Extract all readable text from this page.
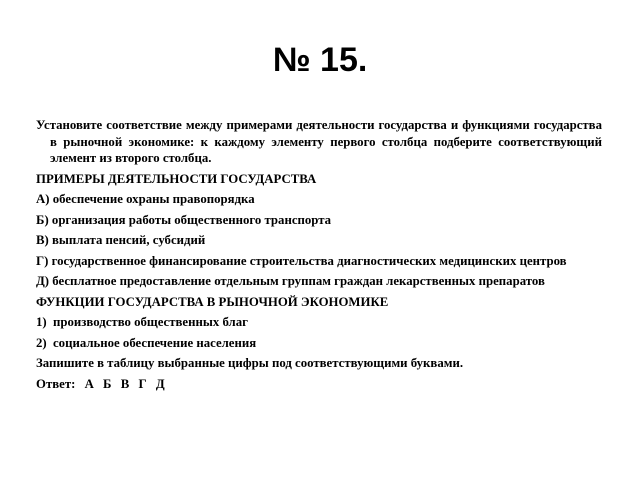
№ 15.

Установите соответствие между примерами деятельности государства и функциями государства в рыночной экономике: к каждому элементу первого столбца подберите соответствующий элемент из второго столбца.

ПРИМЕРЫ ДЕЯТЕЛЬНОСТИ ГОСУДАРСТВА

А) обеспечение охраны правопорядка

Б) организация работы общественного транспорта

В) выплата пенсий, субсидий

Г) государственное финансирование строительства диагностических медицинских центров

Д) бесплатное предоставление отдельным группам граждан лекарственных препаратов

ФУНКЦИИ ГОСУДАРСТВА В РЫНОЧНОЙ ЭКОНОМИКЕ

1) производство общественных благ

2) социальное обеспечение населения

Запишите в таблицу выбранные цифры под соответствующими буквами.

Ответ: А Б В Г Д
